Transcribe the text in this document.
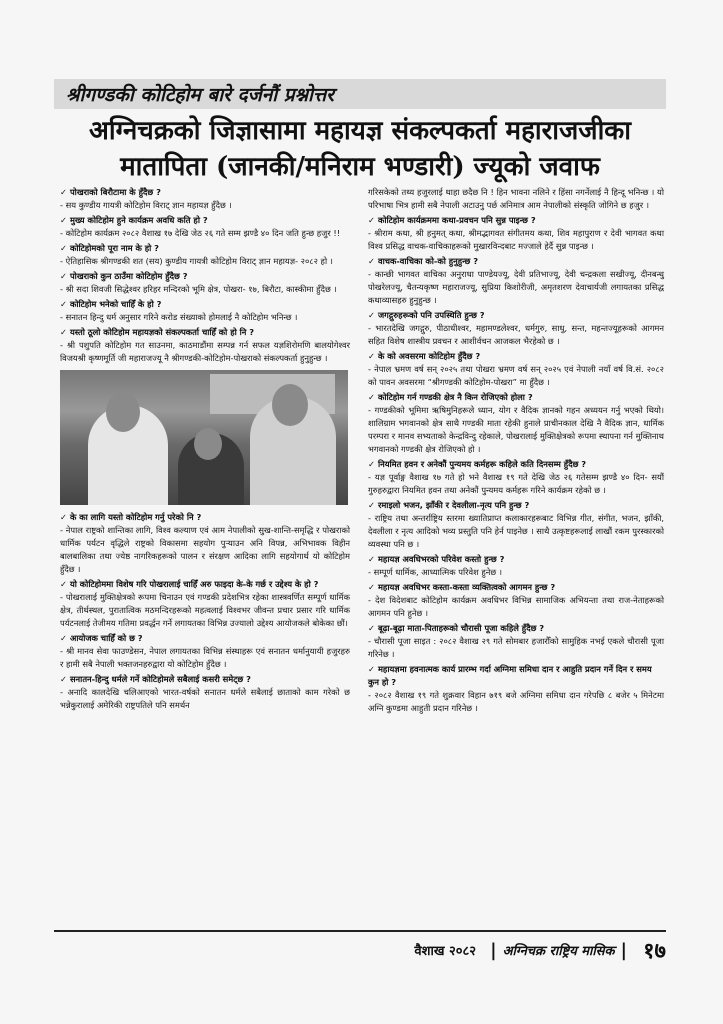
श्रीगण्डकी कोटिहोम बारे दर्जनौं प्रश्नोत्तर
अग्निचक्रको जिज्ञासामा महायज्ञ संकल्पकर्ता महाराजजीका
मातापिता (जानकी/मनिराम भण्डारी) ज्यूको जवाफ

✓ पोखराको बिरौटामा के हुँदैछ ?

- सय कुण्डीय गायत्री कोटिहोम विराट् ज्ञान महायज्ञ हुँदैछ ।

✓ मुख्य कोटिहोम हुने कार्यक्रम अवधि कति हो ?

- कोटिहोम कार्यक्रम २०८२ वैशाख १७ देखि जेठ २६ गते सम्म झण्डै ४० दिन जति हुन्छ हजुर !!

✓ कोटिहोमको पूरा नाम के हो ?

- ऐतिहासिक श्रीगण्डकी शत (सय) कुण्डीय गायत्री कोटिहोम विराट् ज्ञान महायज्ञ- २०८२ हो ।

✓ पोखराको कुन ठाउँमा कोटिहोम हुँदैछ ?

- श्री सदा शिवजी सिद्धेश्वर हरिहर मन्दिरको भूमि क्षेत्र, पोखरा- १७, बिरौटा, कास्कीमा हुँदैछ ।

✓ कोटिहोम भनेको चाहिँ के हो ?

- सनातन हिन्दु धर्म अनुसार गरिने करोड संख्याको होमलाई नै कोटिहोम भनिन्छ ।

✓ यस्तो ठूलो कोटिहोम महायज्ञको संकल्पकर्ता चाहिँ को हो नि ?

- श्री पशुपति कोटिहोम गत साउनमा, काठमाडौंमा सम्पन्न गर्न सफल यज्ञशिरोमणि बालयोगेश्वर विजयश्री कृष्णमूर्ति जी महाराजज्यू नै श्रीगण्डकी-कोटिहोम-पोखराको संकल्पकर्ता हुनुहुन्छ ।

✓ के का लागि यस्तो कोटिहोम गर्नु परेको नि ?

- नेपाल राष्ट्रको शान्तिका लागि, विश्व कल्याण एवं आम नेपालीको सुख-शान्ति-समृद्धि र पोखराको धार्मिक पर्यटन वृद्धिले राष्ट्रको विकासमा सहयोग पुऱ्याउन अनि विपन्न, अभिभावक विहीन बालबालिका तथा ज्येष्ठ नागरिकहरूको पालन र संरक्षण आदिका लागि सहयोगार्थ यो कोटिहोम हुँदैछ ।

✓ यो कोटिहोममा विशेष गरि पोखरालाई चाहिँ अरु फाइदा के-के गर्छ र उद्देश्य के हो ?

- पोखरालाई मुक्तिक्षेत्रको रूपमा चिनाउन एवं गण्डकी प्रदेशभित्र रहेका शास्त्रवर्णित सम्पूर्ण धार्मिक क्षेत्र, तीर्थस्थल, पुरातात्विक मठमन्दिरहरूको महत्वलाई विश्वभर जीवन्त प्रचार प्रसार गरि धार्मिक पर्यटनलाई तेजीमय गतिमा प्रवर्द्धन गर्ने लगायतका विभिन्न उज्यालो उद्देश्य आयोजकले बोकेका छौं।

✓ आयोजक चाहिँ को छ ?

- श्री मानव सेवा फाउण्डेसन, नेपाल लगायतका विभिन्न संस्थाहरू एवं सनातन धर्मानुयायी हजुरहरु र हामी सबै नेपाली भक्तजनहरुद्वारा यो कोटिहोम हुँदैछ ।

✓ सनातन-हिन्दु धर्मले गर्ने कोटिहोमले सबैलाई कसरी समेट्छ ?

- अनादि कालदेखि चलिआएको भारत-वर्षको सनातन धर्मले सबैलाई छाताको काम गरेको छ भन्नेकुरालाई अमेरिकी राष्ट्रपतिले पनि समर्थन

गरिसकेको तथ्य हजुरलाई थाहा छदैछ नि ! हिन भावना नलिने र हिंसा नगर्नेलाई नै हिन्दू भनिन्छ । यो परिभाषा भित्र हामी सबै नेपाली अटाउनु पर्छ अनिमात्र आम नेपालीको संस्कृति जोगिने छ हजुर ।

✓ कोटिहोम कार्यक्रममा कथा-प्रवचन पनि सुन्न पाइन्छ ?

- श्रीराम कथा, श्री हनुमत् कथा, श्रीमद्भागवत संगीतमय कथा, शिव महापुराण र देवी भागवत कथा विश्व प्रसिद्ध वाचक-वाचिकाहरूको मुखारविन्दबाट मज्जाले हेर्दै सुन्न पाइन्छ ।

✓ वाचक-वाचिका को-को हुनुहुन्छ ?

- कान्छी भागवत वाचिका अनुराधा पाण्डेयज्यू, देवी प्रतिभाज्यू, देवी चन्द्रकला सखीज्यू, दीनबन्धु पोखरेलज्यू, चैतन्यकृष्ण महाराजज्यू, सुप्रिया किशोरीजी, अमृतशरण देवाचार्यजी लगायतका प्रसिद्ध कथाव्यासहरु हुनुहुन्छ ।

✓ जगद्गुरुहरूको पनि उपस्थिति हुन्छ ?

- भारतदेखि जगद्गुरु, पीठाधीश्वर, महामण्डलेश्वर, धर्मगुरु, साधु, सन्त, महन्तज्यूहरूको आगमन सहित विशेष शास्त्रीय प्रवचन र आशीर्वचन आजकल भैरहेको छ ।

✓ के को अवसरमा कोटिहोम हुँदैछ ?

- नेपाल भ्रमण वर्ष सन् २०२५ तथा पोखरा भ्रमण वर्ष सन् २०२५ एवं नेपाली नयाँ वर्ष वि.सं. २०८२ को पावन अवसरमा “श्रीगण्डकी कोटिहोम-पोखरा” मा हुँदैछ ।

✓ कोटिहोम गर्न गण्डकी क्षेत्र नै किन रोजिएको होला ?

- गण्डकीको भूमिमा ऋषिमुनिहरूले ध्यान, योग र वैदिक ज्ञानको गहन अध्ययन गर्नु भएको थियो। शालिग्राम भगवानको क्षेत्र साथै गण्डकी माता रहेकी हुनाले प्राचीनकाल देखि नै वैदिक ज्ञान, धार्मिक परम्परा र मानव सभ्यताको केन्द्रविन्दु रहेकाले, पोखरालाई मुक्तिक्षेत्रको रूपमा स्थापना गर्न मुक्तिनाथ भगवानको गण्डकी क्षेत्र रोजिएको हो ।

✓ नियमित हवन र अनेकौं पुन्यमय कर्महरू कहिले कति दिनसम्म हुँदैछ ?

- यज्ञ पूर्वाङ्ग वैशाख १७ गते हो भने वैशाख १९ गते देखि जेठ २६ गतेसम्म झण्डै ४० दिन- सयौं गुरुहरुद्वारा नियमित हवन तथा अनेकौं पुन्यमय कर्महरू गरिने कार्यक्रम रहेको छ ।

✓ रमाइलो भजन, झाँकी र देवलीला-नृत्य पनि हुन्छ ?

- राष्ट्रिय तथा अन्तर्राष्ट्रिय स्तरमा ख्यातिप्राप्त कलाकारहरूबाट विभिन्न गीत, संगीत, भजन, झाँकी, देवलीला र नृत्य आदिको भव्य प्रस्तुति पनि हेर्न पाइनेछ । साथै उत्कृष्टहरूलाई लाखौं रकम पुरस्कारको व्यवस्था पनि छ ।

✓ महायज्ञ अवधिभरको परिवेश कस्तो हुन्छ ?

- सम्पूर्ण धार्मिक, आध्यात्मिक परिवेश हुनेछ ।

✓ महायज्ञ अवधिभर कस्ता-कस्ता व्यक्तित्वको आगमन हुन्छ ?

- देश विदेशबाट कोटिहोम कार्यक्रम अवधिभर विभिन्न सामाजिक अभियन्ता तथा राज-नेताहरूको आगमन पनि हुनेछ ।

✓ बूढ़ा-बूढ़ा माता-पिताहरूको चौरासी पूजा कहिले हुँदैछ ?

- चौरासी पूजा साइत : २०८२ वैशाख २९ गते सोमबार हजारौँको सामुहिक नभई एकले चौरासी पूजा गरिनेछ ।

✓ महायज्ञमा हवनात्मक कार्य प्रारम्भ गर्दा अग्निमा समिधा दान र आहुति प्रदान गर्ने दिन र समय कुन हो ?

- २०८२ वैशाख १९ गते शुक्रवार विहान ७१९ बजे अग्निमा समिधा दान गरेपछि ८ बजेर ५ मिनेटमा अग्नि कुण्डमा आहुती प्रदान गरिनेछ ।

वैशाख २०८२ | अग्निचक्र राष्ट्रिय मासिक | १७
